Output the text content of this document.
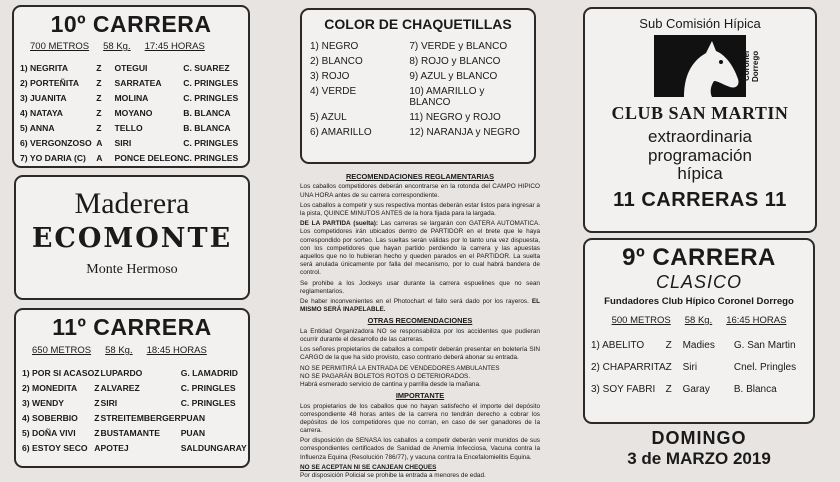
10º CARRERA
700 METROS 58 Kg. 17:45 HORAS
1) NEGRITA	Z	OTEGUI	C. SUAREZ
2) PORTEÑITA	Z	SARRATEA	C. PRINGLES
3) JUANITA	Z	MOLINA	C. PRINGLES
4) NATAYA	Z	MOYANO	B. BLANCA
5) ANNA	Z	TELLO	B. BLANCA
6) VERGONZOSO	A	SIRI	C. PRINGLES
7) YO DARIA (C)	A	PONCE DELEON	C. PRINGLES
Maderera
ECOMONTE
Monte Hermoso
11º CARRERA
650 METROS 58 Kg. 18:45 HORAS
1) POR SI ACASO	Z	LUPARDO	G. LAMADRID
2) MONEDITA	Z	ALVAREZ	C. PRINGLES
3) WENDY	Z	SIRI	C. PRINGLES
4) SOBERBIO	Z	STREITEMBERGER	PUAN
5) DOÑA VIVI	Z	BUSTAMANTE	PUAN
6) ESTOY SECO	A	POTEJ	SALDUNGARAY
COLOR DE CHAQUETILLAS
1) NEGRO	7) VERDE y BLANCO
2) BLANCO	8) ROJO y BLANCO
3) ROJO	9) AZUL y BLANCO
4) VERDE	10) AMARILLO y BLANCO
5) AZUL	11) NEGRO y ROJO
6) AMARILLO	12) NARANJA y NEGRO
RECOMENDACIONES REGLAMENTARIAS

Los caballos competidores deberán encontrarse en la rotonda del CAMPO HIPICO UNA HORA antes de su carrera correspondiente.

Los caballos a competir y sus respectiva montas deberán estar listos para ingresar a la pista, QUINCE MINUTOS ANTES de la hora fijada para la largada.

DE LA PARTIDA (suelta): Las carreras se largarán con GATERA AUTOMATICA. Los competidores irán ubicados dentro de PARTIDOR en el brete que le haya correspondido por sorteo. Las sueltas serán válidas por lo tanto una vez dispuesta, con los competidores que hayan partido perdiendo la carrera y las apuestas aquellos que no lo hubieran hecho y queden parados en el PARTIDOR. La suelta será anulada únicamente por falla del mecanismo, por lo cual habrá bandera de control.

Se prohibe a los Jockeys usar durante la carrera espuelines que no sean reglamentarios.

De haber inconvenientes en el Photochart el fallo será dado por los rayeros. EL MISMO SERÁ INAPELABLE.

OTRAS RECOMENDACIONES

La Entidad Organizadora NO se responsabiliza por los accidentes que pudieran ocurrir durante el desarrollo de las carreras.

Los señores propietarios de caballos a competir deberán presentar en boletería SIN CARGO de la que ha sido provisto, caso contrario deberá abonar su entrada.

NO SE PERMITIRÁ LA ENTRADA DE VENDEDORES AMBULANTES

NO SE PAGARÁN BOLETOS ROTOS O DETERIORADOS.

Habrá esmerado servicio de cantina y parrilla desde la mañana.

IMPORTANTE

Los propietarios de los caballos que no hayan satisfecho el importe del depósito correspondiente 48 horas antes de la carrera no tendrán derecho a cobrar los depósitos de los competidores que no corran, en caso de ser ganadores de la carrera.

Por disposición de SENASA los caballos a competir deberán venir munidos de sus correspondientes certificados de Sanidad de Anemia Infecciosa, Vacuna contra la Influenza Equina (Resolución 786/77), y vacuna contra la Encefalomielitis Equina.

NO SE ACEPTAN NI SE CANJEAN CHEQUES

Por disposición Policial se prohibe la entrada a menores de edad.

Sub Comisión Hípica
Coronel Dorrego
CLUB SAN MARTIN
extraordinaria
programación
hípica
11 CARRERAS 11
9º CARRERA
CLASICO
Fundadores Club Hípico Coronel Dorrego
500 METROS 58 Kg. 16:45 HORAS
1) ABELITO	Z	Madies	G. San Martin
2) CHAPARRITA	Z	Siri	Cnel. Pringles
3) SOY FABRI	Z	Garay	B. Blanca
DOMINGO
3 de MARZO 2019
